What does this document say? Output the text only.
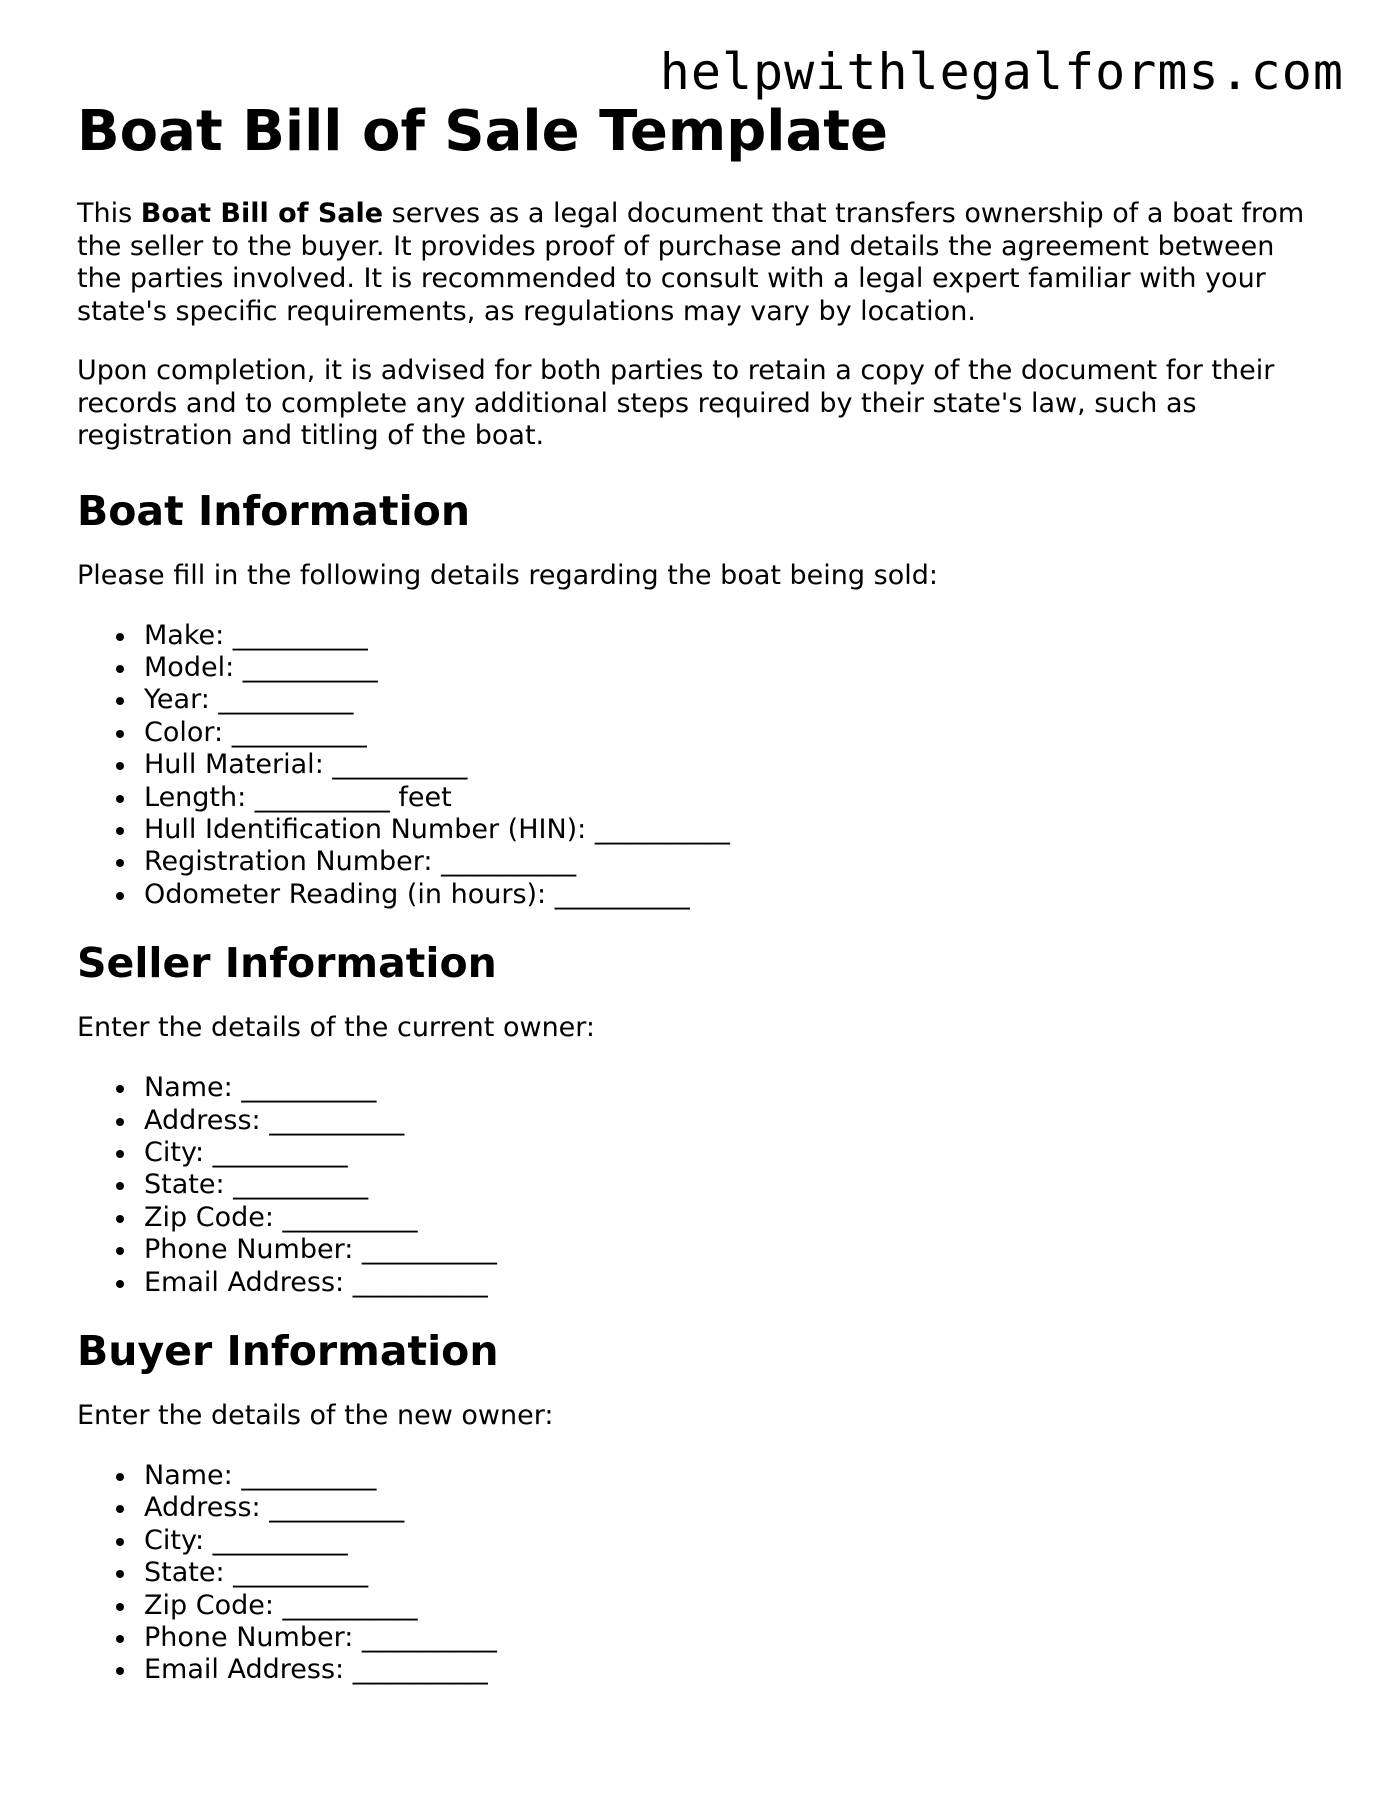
helpwithlegalforms.com
Boat Bill of Sale Template

This Boat Bill of Sale serves as a legal document that transfers ownership of a boat from the seller to the buyer. It provides proof of purchase and details the agreement between the parties involved. It is recommended to consult with a legal expert familiar with your state's specific requirements, as regulations may vary by location.

Upon completion, it is advised for both parties to retain a copy of the document for their records and to complete any additional steps required by their state's law, such as registration and titling of the boat.

Boat Information

Please fill in the following details regarding the boat being sold:

Make: __________
Model: __________
Year: __________
Color: __________
Hull Material: __________
Length: __________ feet
Hull Identification Number (HIN): __________
Registration Number: __________
Odometer Reading (in hours): __________
Seller Information

Enter the details of the current owner:

Name: __________
Address: __________
City: __________
State: __________
Zip Code: __________
Phone Number: __________
Email Address: __________
Buyer Information

Enter the details of the new owner:

Name: __________
Address: __________
City: __________
State: __________
Zip Code: __________
Phone Number: __________
Email Address: __________
